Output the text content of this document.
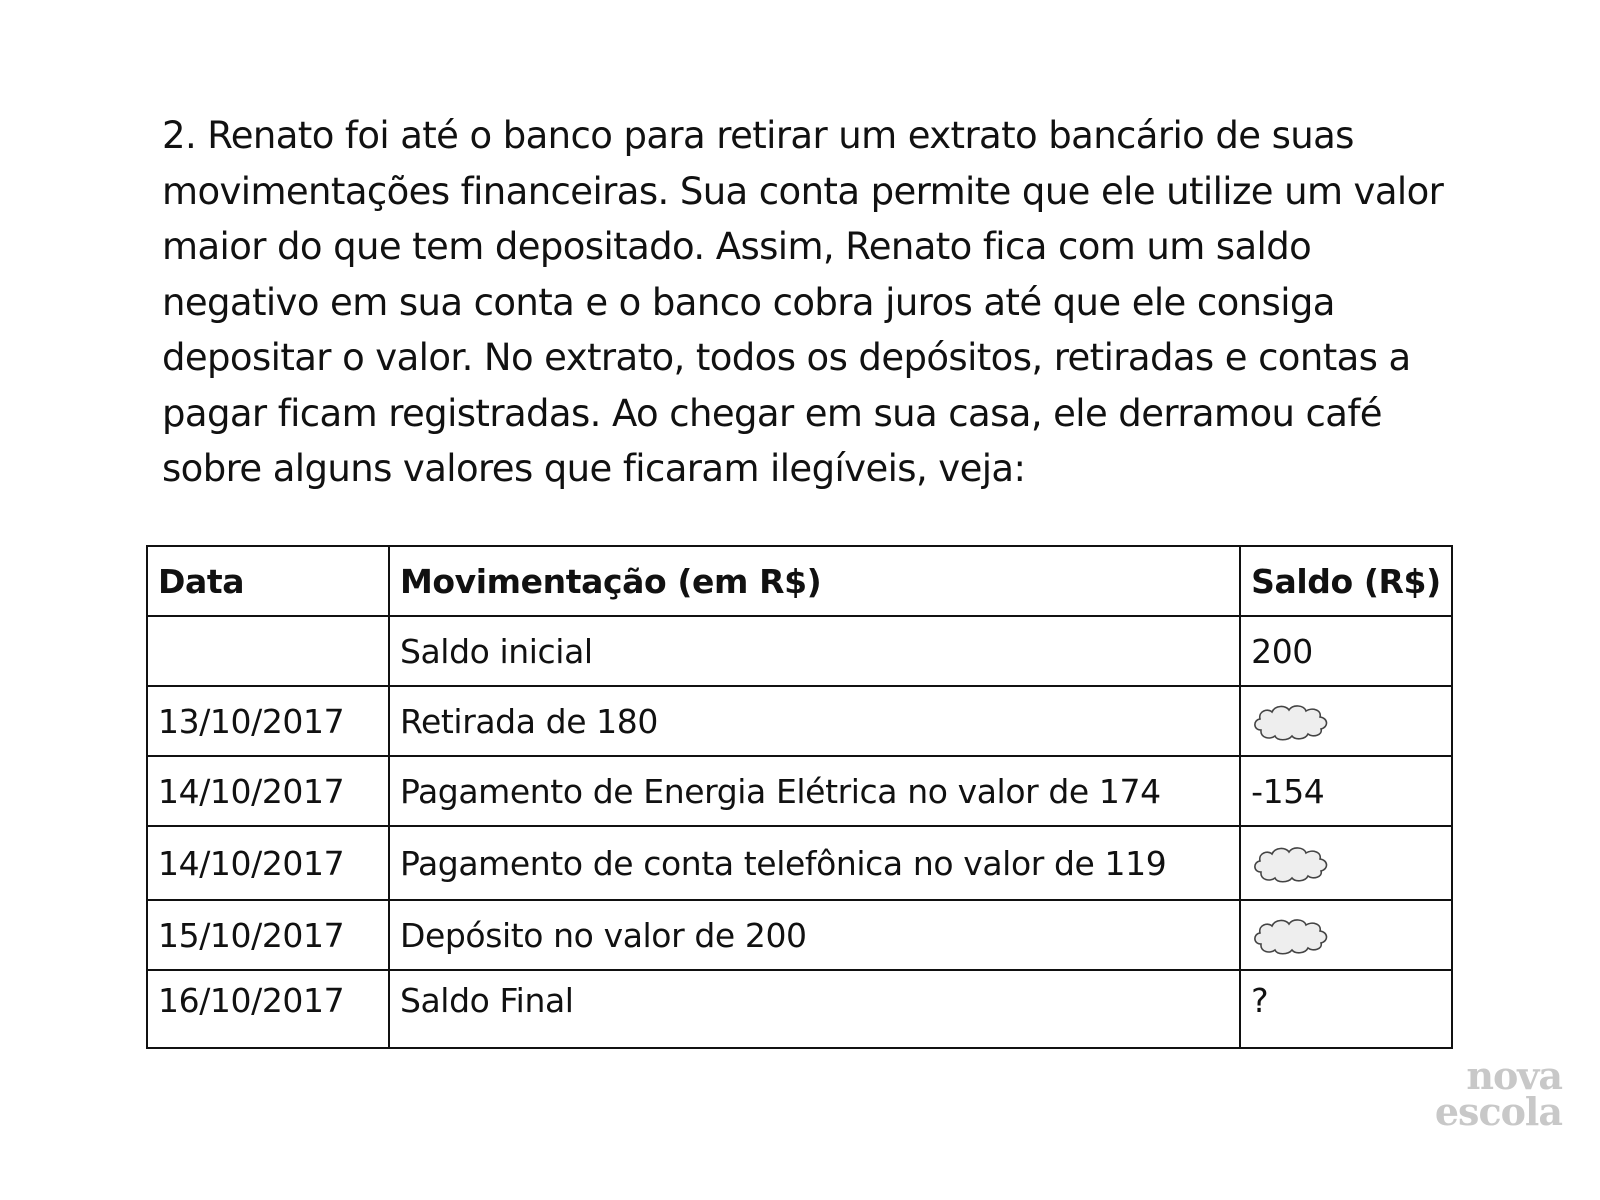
2. Renato foi até o banco para retirar um extrato bancário de suas movimentações financeiras. Sua conta permite que ele utilize um valor maior do que tem depositado. Assim, Renato fica com um saldo negativo em sua conta e o banco cobra juros até que ele consiga depositar o valor. No extrato, todos os depósitos, retiradas e contas a pagar ficam registradas. Ao chegar em sua casa, ele derramou café sobre alguns valores que ficaram ilegíveis, veja:

Data	Movimentação (em R$)	Saldo (R$)
	Saldo inicial	200
13/10/2017	Retirada de 180	

14/10/2017	Pagamento de Energia Elétrica no valor de 174	-154
14/10/2017	Pagamento de conta telefônica no valor de 119	

15/10/2017	Depósito no valor de 200	

16/10/2017	Saldo Final	?
nova
escola
